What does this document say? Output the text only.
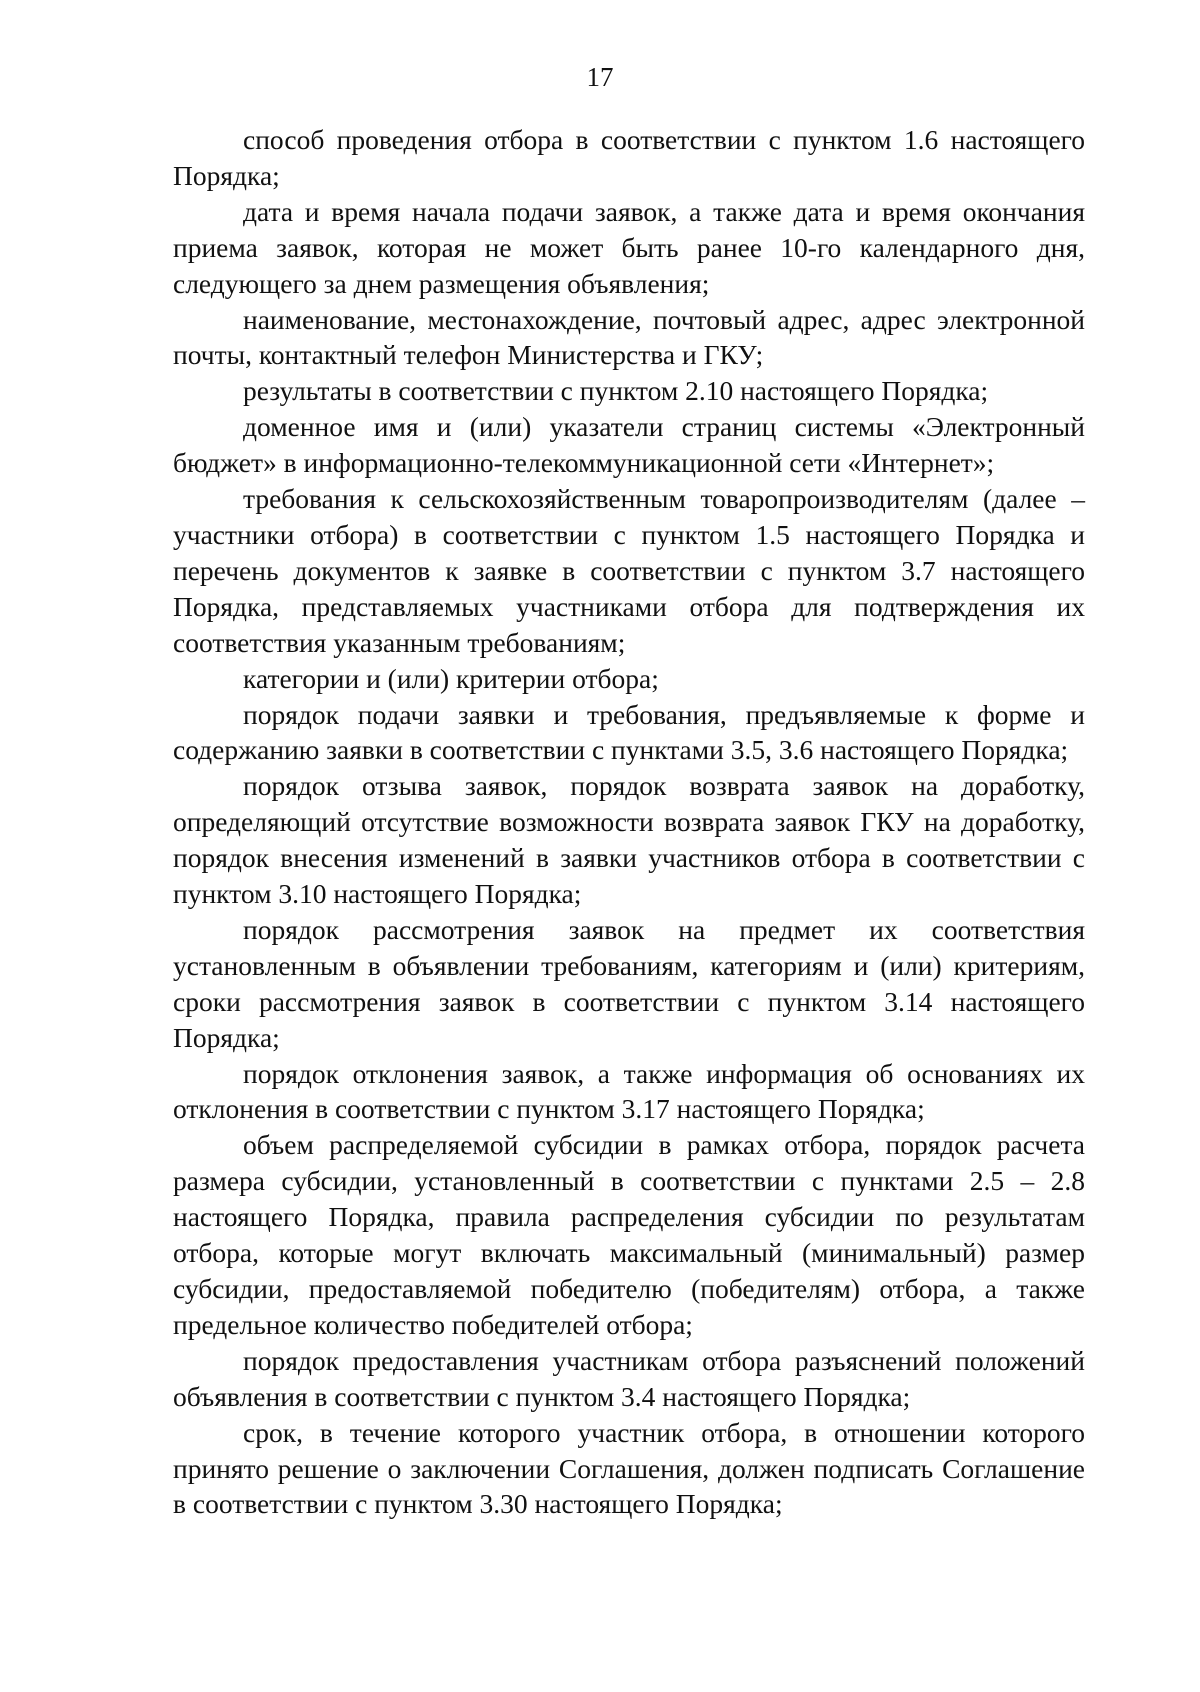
17

способ проведения отбора в соответствии с пунктом 1.6 настоящего Порядка;

дата и время начала подачи заявок, а также дата и время окончания приема заявок, которая не может быть ранее 10-го календарного дня, следующего за днем размещения объявления;

наименование, местонахождение, почтовый адрес, адрес электронной почты, контактный телефон Министерства и ГКУ;

результаты в соответствии с пунктом 2.10 настоящего Порядка;

доменное имя и (или) указатели страниц системы «Электронный бюджет» в информационно-телекоммуникационной сети «Интернет»;

требования к сельскохозяйственным товаропроизводителям (далее – участники отбора) в соответствии с пунктом 1.5 настоящего Порядка и перечень документов к заявке в соответствии с пунктом 3.7 настоящего Порядка, представляемых участниками отбора для подтверждения их соответствия указанным требованиям;

категории и (или) критерии отбора;

порядок подачи заявки и требования, предъявляемые к форме и содержанию заявки в соответствии с пунктами 3.5, 3.6 настоящего Порядка;

порядок отзыва заявок, порядок возврата заявок на доработку, определяющий отсутствие возможности возврата заявок ГКУ на доработку, порядок внесения изменений в заявки участников отбора в соответствии с пунктом 3.10 настоящего Порядка;

порядок рассмотрения заявок на предмет их соответствия установленным в объявлении требованиям, категориям и (или) критериям, сроки рассмотрения заявок в соответствии с пунктом 3.14 настоящего Порядка;

порядок отклонения заявок, а также информация об основаниях их отклонения в соответствии с пунктом 3.17 настоящего Порядка;

объем распределяемой субсидии в рамках отбора, порядок расчета размера субсидии, установленный в соответствии с пунктами 2.5 – 2.8 настоящего Порядка, правила распределения субсидии по результатам отбора, которые могут включать максимальный (минимальный) размер субсидии, предоставляемой победителю (победителям) отбора, а также предельное количество победителей отбора;

порядок предоставления участникам отбора разъяснений положений объявления в соответствии с пунктом 3.4 настоящего Порядка;

срок, в течение которого участник отбора, в отношении которого принято решение о заключении Соглашения, должен подписать Соглашение в соответствии с пунктом 3.30 настоящего Порядка;
